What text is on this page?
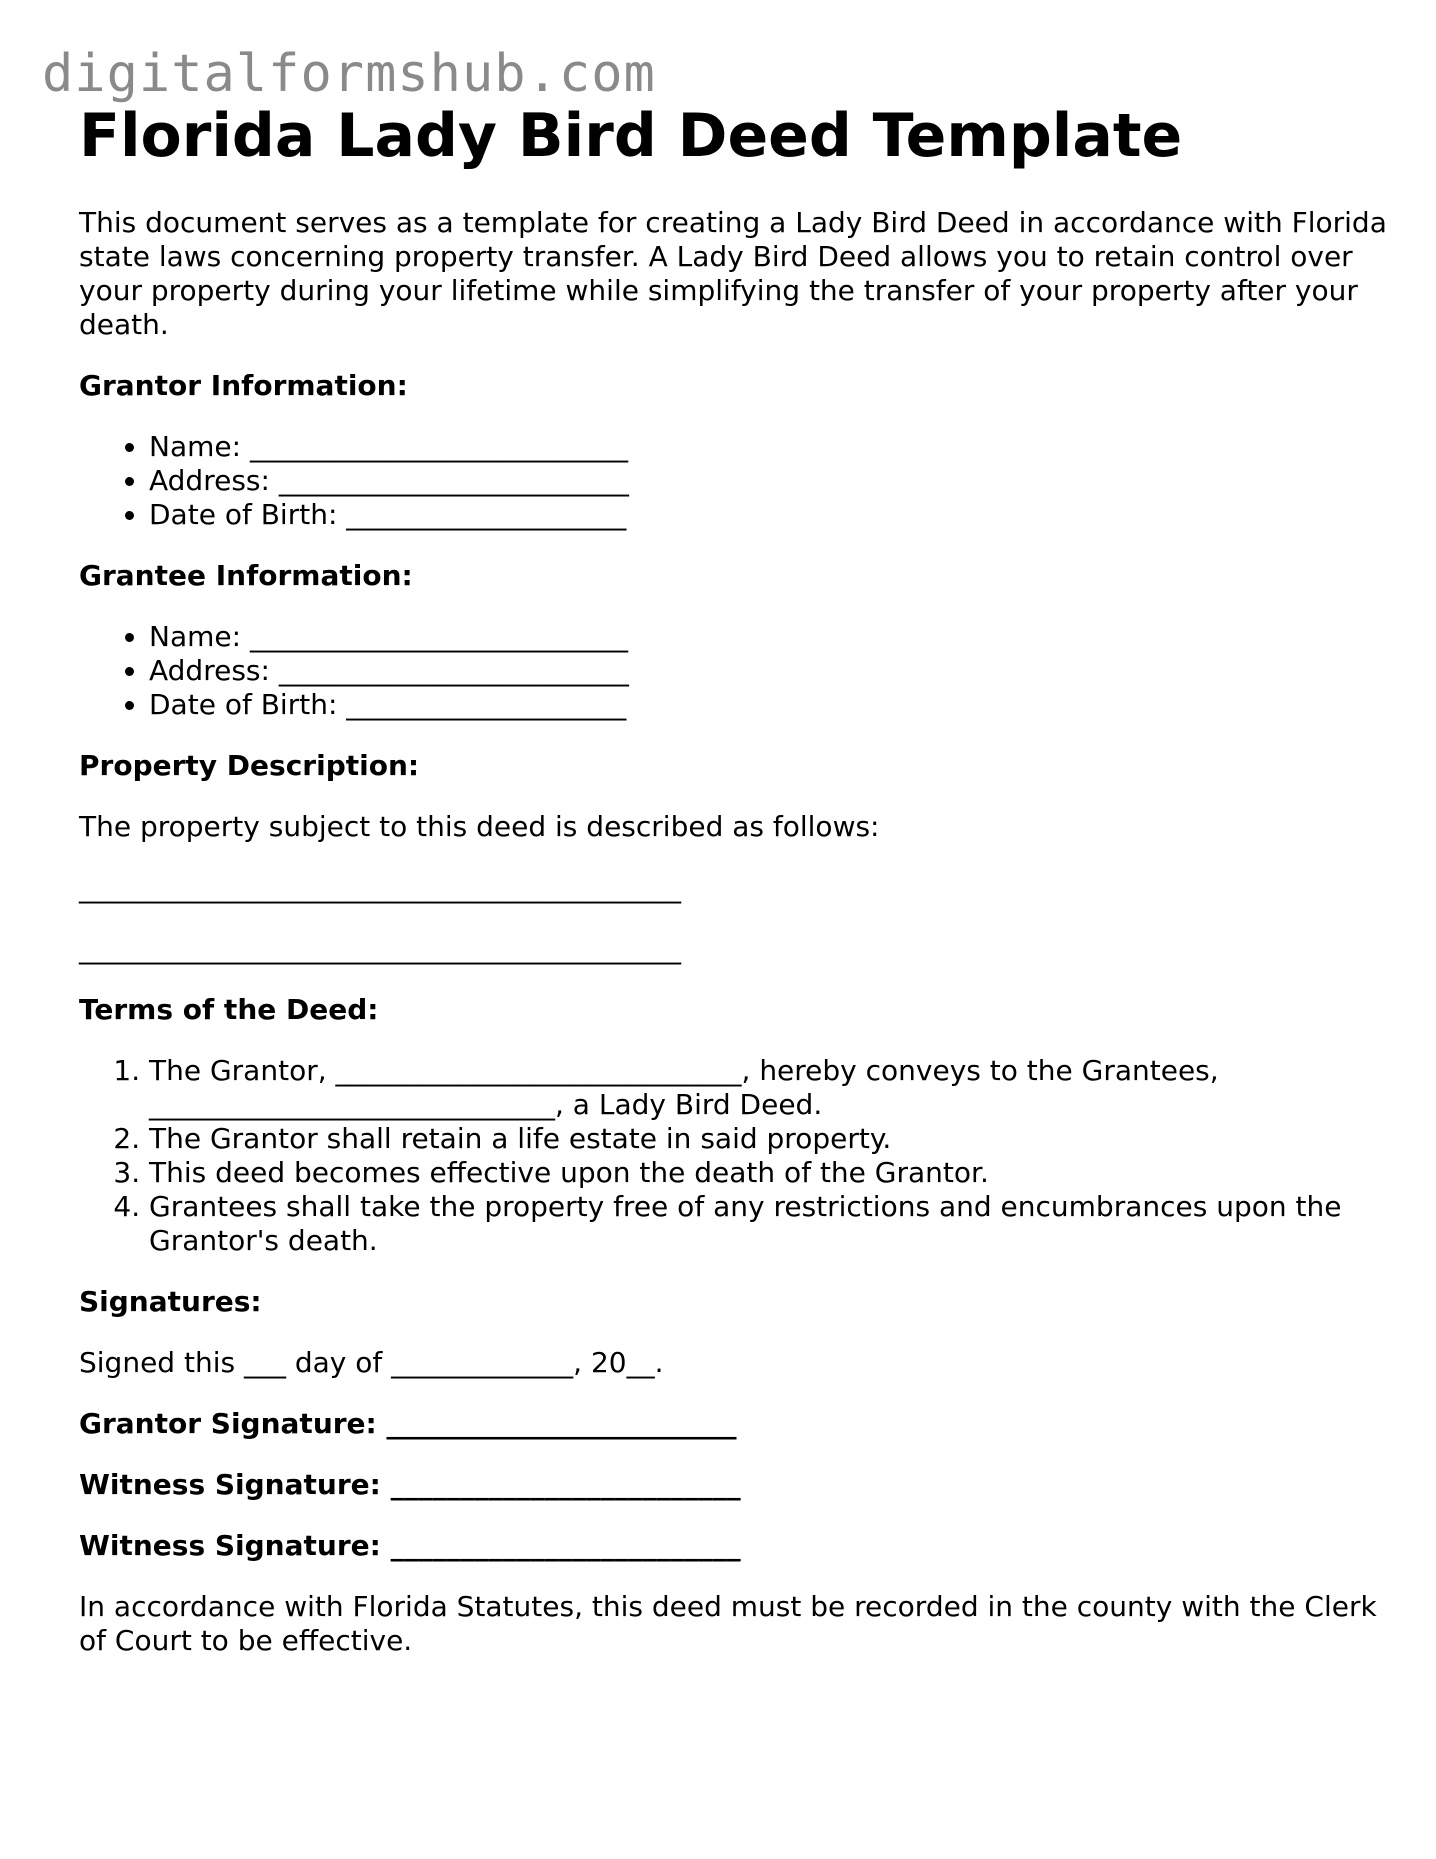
digitalformshub.com
Florida Lady Bird Deed Template

This document serves as a template for creating a Lady Bird Deed in accordance with Florida state laws concerning property transfer. A Lady Bird Deed allows you to retain control over your property during your lifetime while simplifying the transfer of your property after your death.

Grantor Information:

• Name: ___________________________
• Address: _________________________
• Date of Birth: ____________________

Grantee Information:

• Name: ___________________________
• Address: _________________________
• Date of Birth: ____________________

Property Description:

The property subject to this deed is described as follows:

___________________________________________

___________________________________________

Terms of the Deed:

1. The Grantor, _____________________________, hereby conveys to the Grantees, _____________________________, a Lady Bird Deed.
2. The Grantor shall retain a life estate in said property.
3. This deed becomes effective upon the death of the Grantor.
4. Grantees shall take the property free of any restrictions and encumbrances upon the Grantor's death.

Signatures:

Signed this ___ day of _____________, 20__.

Grantor Signature: _________________________

Witness Signature: _________________________

Witness Signature: _________________________

In accordance with Florida Statutes, this deed must be recorded in the county with the Clerk of Court to be effective.
